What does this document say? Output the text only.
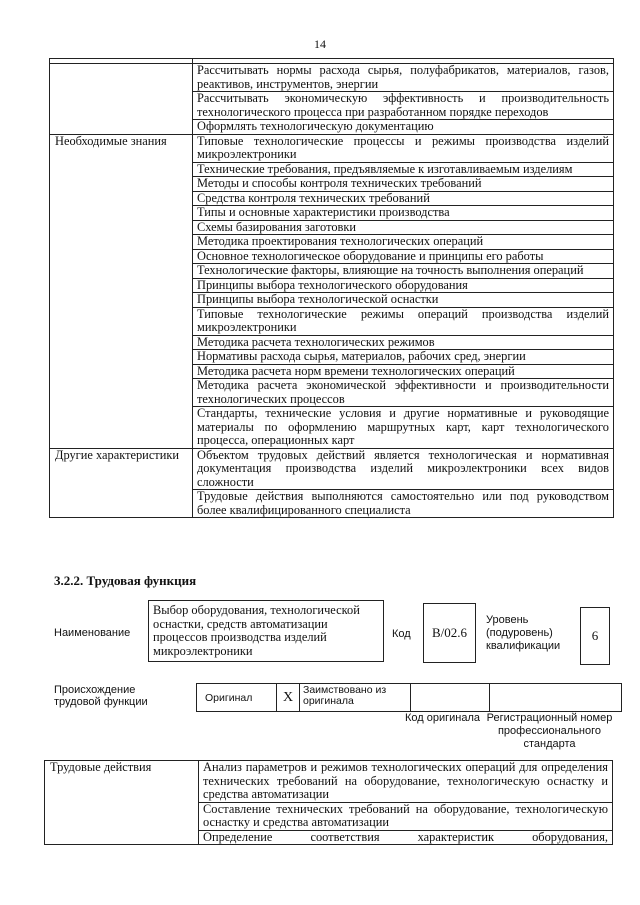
14

	Рассчитывать нормы расхода сырья, полуфабрикатов, материалов, газов, реактивов, инструментов, энергии
	Рассчитывать экономическую эффективность и производительность технологического процесса при разработанном порядке переходов
	Оформлять технологическую документацию
Необходимые знания	Типовые технологические процессы и режимы производства изделий микроэлектроники
	Технические требования, предъявляемые к изготавливаемым изделиям
	Методы и способы контроля технических требований
	Средства контроля технических требований
	Типы и основные характеристики производства
	Схемы базирования заготовки
	Методика проектирования технологических операций
	Основное технологическое оборудование и принципы его работы
	Технологические факторы, влияющие на точность выполнения операций
	Принципы выбора технологического оборудования
	Принципы выбора технологической оснастки
	Типовые технологические режимы операций производства изделий микроэлектроники
	Методика расчета технологических режимов
	Нормативы расхода сырья, материалов, рабочих сред, энергии
	Методика расчета норм времени технологических операций
	Методика расчета экономической эффективности и производительности технологических процессов
	Стандарты, технические условия и другие нормативные и руководящие материалы по оформлению маршрутных карт, карт технологического процесса, операционных карт
Другие характеристики	Объектом трудовых действий является технологическая и нормативная документация производства изделий микроэлектроники всех видов сложности
	Трудовые действия выполняются самостоятельно или под руководством более квалифицированного специалиста
3.2.2. Трудовая функция
Наименование
Выбор оборудования, технологической оснастки, средств автоматизации процессов производства изделий микроэлектроники
Код	B/02.6
Уровень (подуровень) квалификации
6
Происхождение трудовой функции	Оригинал	X	Заимствовано из оригинала		
Код оригинала Регистрационный номер профессионального стандарта
Трудовые действия	Анализ параметров и режимов технологических операций для определения технических требований на оборудование, технологическую оснастку и средства автоматизации
Составление технических требований на оборудование, технологическую оснастку и средства автоматизации
Определение соответствия характеристик оборудования,
